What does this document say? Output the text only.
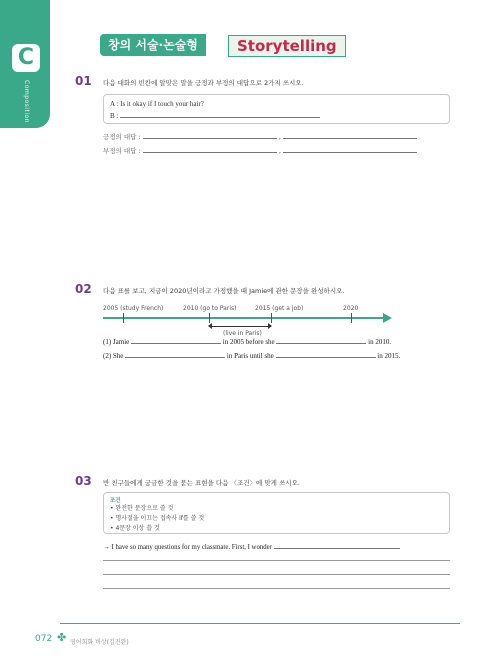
C
Composition
창의 서술·논술형	Storytelling
01 다음 대화의 빈칸에 알맞은 말을 긍정과 부정의 대답으로 2가지 쓰시오.
A : Is it okay if I touch your hair?
B :
긍정의 대답 :	,
부정의 대답 :	,
02 다음 표를 보고, 지금이 2020년이라고 가정했을 때 Jamie에 관한 문장을 완성하시오.
2005 (study French)	2010 (go to Paris)	2015 (get a job)	2020
(live in Paris)
(1) Jamie	in 2005 before she	in 2010.
(2) She	in Paris until she	in 2015.
03 반 친구들에게 궁금한 것을 묻는 표현을 다음 〈조건〉에 맞게 쓰시오.
조건
• 완전한 문장으로 쓸 것
• 명사절을 이끄는 접속사 if를 쓸 것
• 4문장 이상 쓸 것
→ I have so many questions for my classmate. First, I wonder
072 ✤ 영어회화 비상(김진완)
